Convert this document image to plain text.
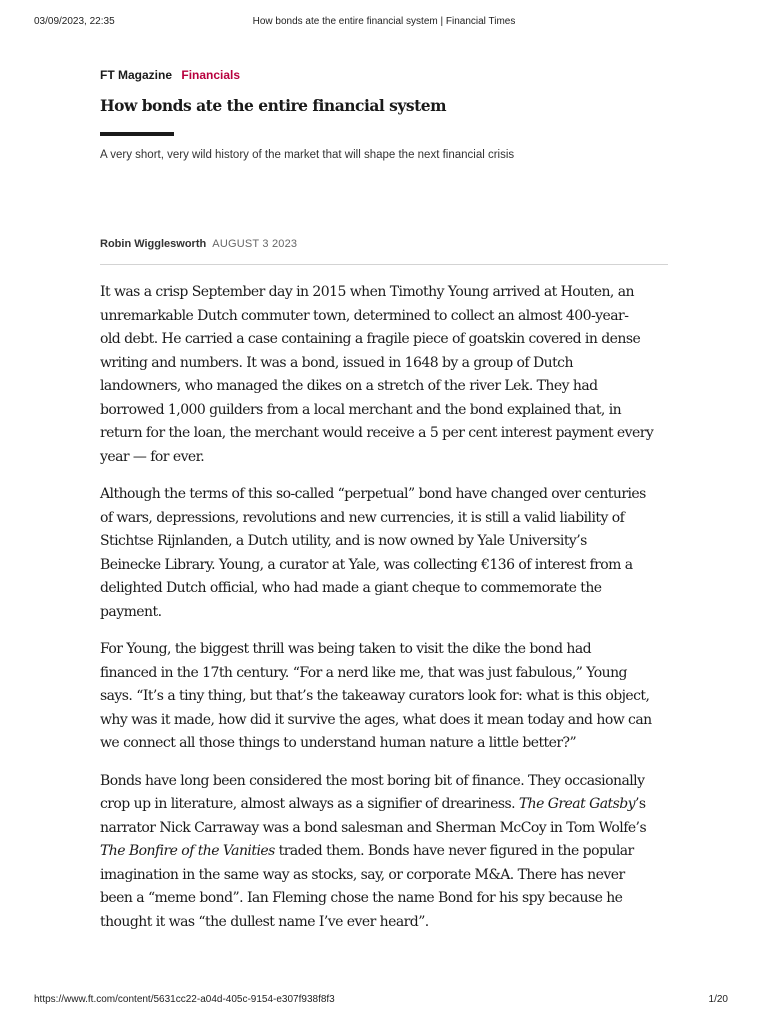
How bonds ate the entire financial system | Financial Times
03/09/2023, 22:35
FT Magazine Financials
How bonds ate the entire financial system
A very short, very wild history of the market that will shape the next financial crisis
Robin Wigglesworth AUGUST 3 2023

It was a crisp September day in 2015 when Timothy Young arrived at Houten, an
unremarkable Dutch commuter town, determined to collect an almost 400-year-
old debt. He carried a case containing a fragile piece of goatskin covered in dense
writing and numbers. It was a bond, issued in 1648 by a group of Dutch
landowners, who managed the dikes on a stretch of the river Lek. They had
borrowed 1,000 guilders from a local merchant and the bond explained that, in
return for the loan, the merchant would receive a 5 per cent interest payment every
year — for ever.

Although the terms of this so-called “perpetual” bond have changed over centuries
of wars, depressions, revolutions and new currencies, it is still a valid liability of
Stichtse Rijnlanden, a Dutch utility, and is now owned by Yale University’s
Beinecke Library. Young, a curator at Yale, was collecting €136 of interest from a
delighted Dutch official, who had made a giant cheque to commemorate the
payment.

For Young, the biggest thrill was being taken to visit the dike the bond had
financed in the 17th century. “For a nerd like me, that was just fabulous,” Young
says. “It’s a tiny thing, but that’s the takeaway curators look for: what is this object,
why was it made, how did it survive the ages, what does it mean today and how can
we connect all those things to understand human nature a little better?”

Bonds have long been considered the most boring bit of finance. They occasionally
crop up in literature, almost always as a signifier of dreariness. The Great Gatsby’s
narrator Nick Carraway was a bond salesman and Sherman McCoy in Tom Wolfe’s
The Bonfire of the Vanities traded them. Bonds have never figured in the popular
imagination in the same way as stocks, say, or corporate M&A. There has never
been a “meme bond”. Ian Fleming chose the name Bond for his spy because he
thought it was “the dullest name I’ve ever heard”.

https://www.ft.com/content/5631cc22-a04d-405c-9154-e307f938f8f3	1/20
